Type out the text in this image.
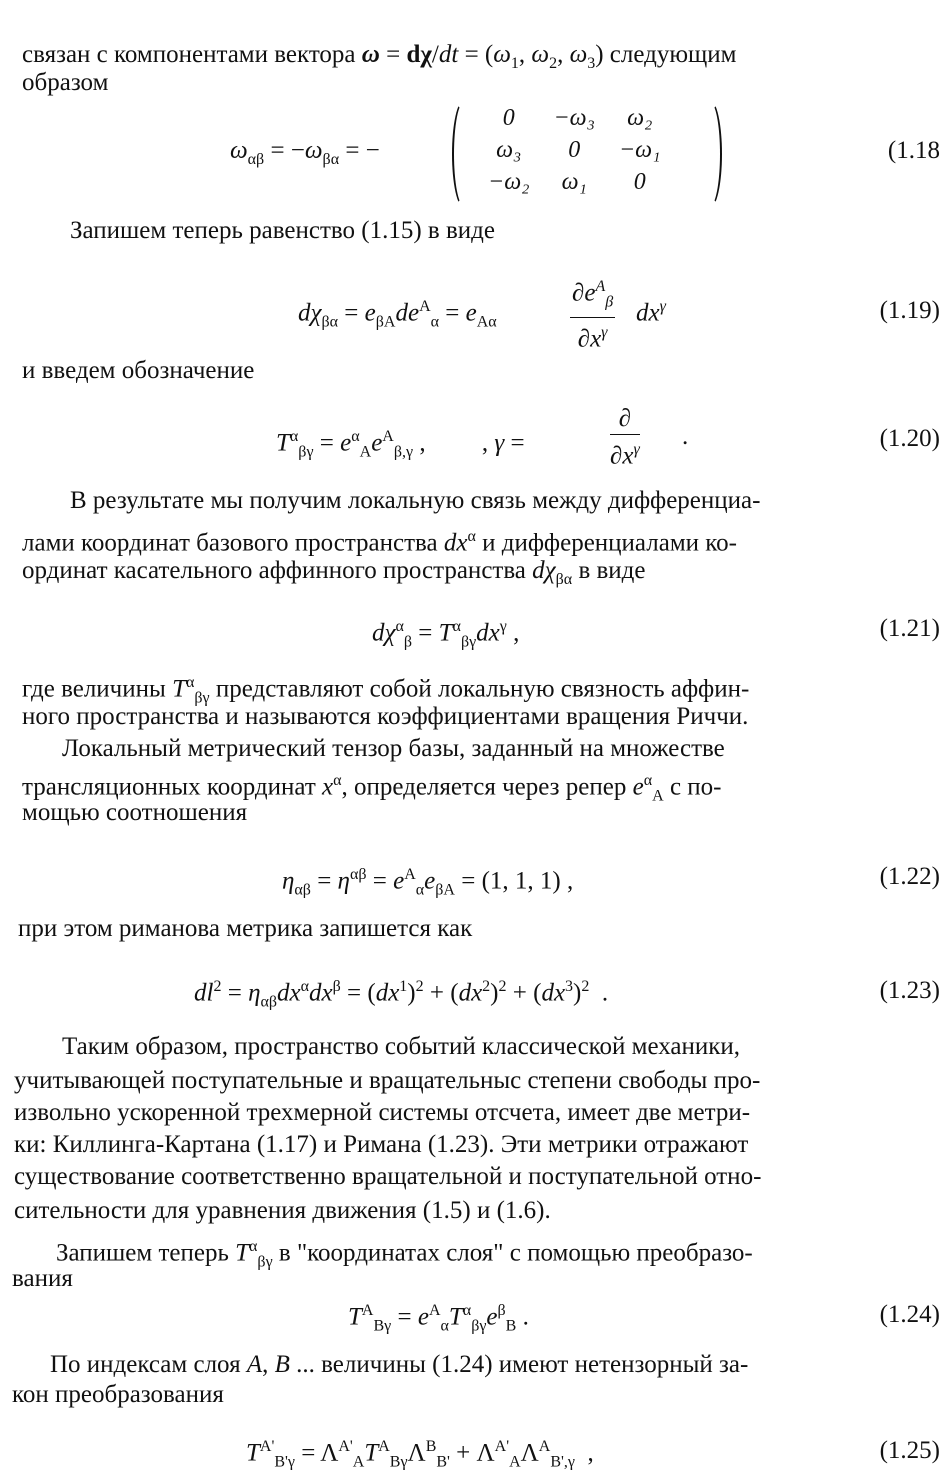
связан с компонентами вектора $\omega = d\chi/dt = (\omega_1$, $\omega_2$, $\omega_3$) следующим
образом
$\omega_{\alpha\beta} = -\omega_{\beta\alpha}$ = −
0	−ω₃	ω₂
ω₃	0	−ω₁
−ω₂	ω₁	0
(1.18
Запишем теперь равенство (1.15) в виде
$d\chi_{\beta\alpha} = e_{\beta A}de^A_\alpha = e_{A\alpha}$
$\partial e^A_\beta$
$\partial x^\gamma$
$dx^\gamma$	(1.19)
и введем обозначение
$T^\alpha_{\beta\gamma} = e^\alpha_Ae^A_{\beta,\gamma}$ ,         , γ =
∂
$\partial x^\gamma$ .	(1.20)
В результате мы получим локальную связь между дифференциа-
лами координат базового пространства $dx^\alpha$ и дифференциалами ко-
ординат касательного аффинного пространства $d\chi_{\beta\alpha}$ в виде
$d\chi^\alpha_\beta = T^\alpha_{\beta\gamma}dx^\gamma$ ,	(1.21)
где величины $T^\alpha_{\beta\gamma}$ представляют собой локальную связность аффин-
ного пространства и называются коэффициентами вращения Риччи.
Локальный метрический тензор базы, заданный на множестве
трансляционных координат $x^\alpha$, определяется через репер $e^\alpha_A$ с по-
мощью соотношения
$\eta_{\alpha\beta} = \eta^{\alpha\beta} = e^A_\alpha e_{\beta A} = (1$, 1, 1) ,	(1.22)
при этом риманова метрика запишется как
$dl^2 = \eta_{\alpha\beta}dx^\alpha dx^\beta = (dx^1)^2 + (dx^2)^2 + (dx^3)^2$  .	(1.23)
Таким образом, пространство событий классической механики,
учитывающей поступательные и вращательныс степени свободы про-
извольно ускоренной трехмерной системы отсчета, имеет две метри-
ки: Киллинга-Картана (1.17) и Римана (1.23). Эти метрики отражают
существование соответственно вращательной и поступательной отно-
сительности для уравнения движения (1.5) и (1.6).
Запишем теперь $T^\alpha_{\beta\gamma}$ в "координатах слоя" с помощью преобразо-
вания
$T^A_{B\gamma} = e^A_\alpha T^\alpha_{\beta\gamma}e^\beta_B$ .	(1.24)
По индексам слоя A, B ... величины (1.24) имеют нетензорный за-
кон преобразования
$T^{A'}_{B'\gamma} = \Lambda^{A'}_AT^A_{B\gamma}\Lambda^B_{B'} + \Lambda^{A'}_A\Lambda^A_{B',\gamma}$  ,	(1.25)
